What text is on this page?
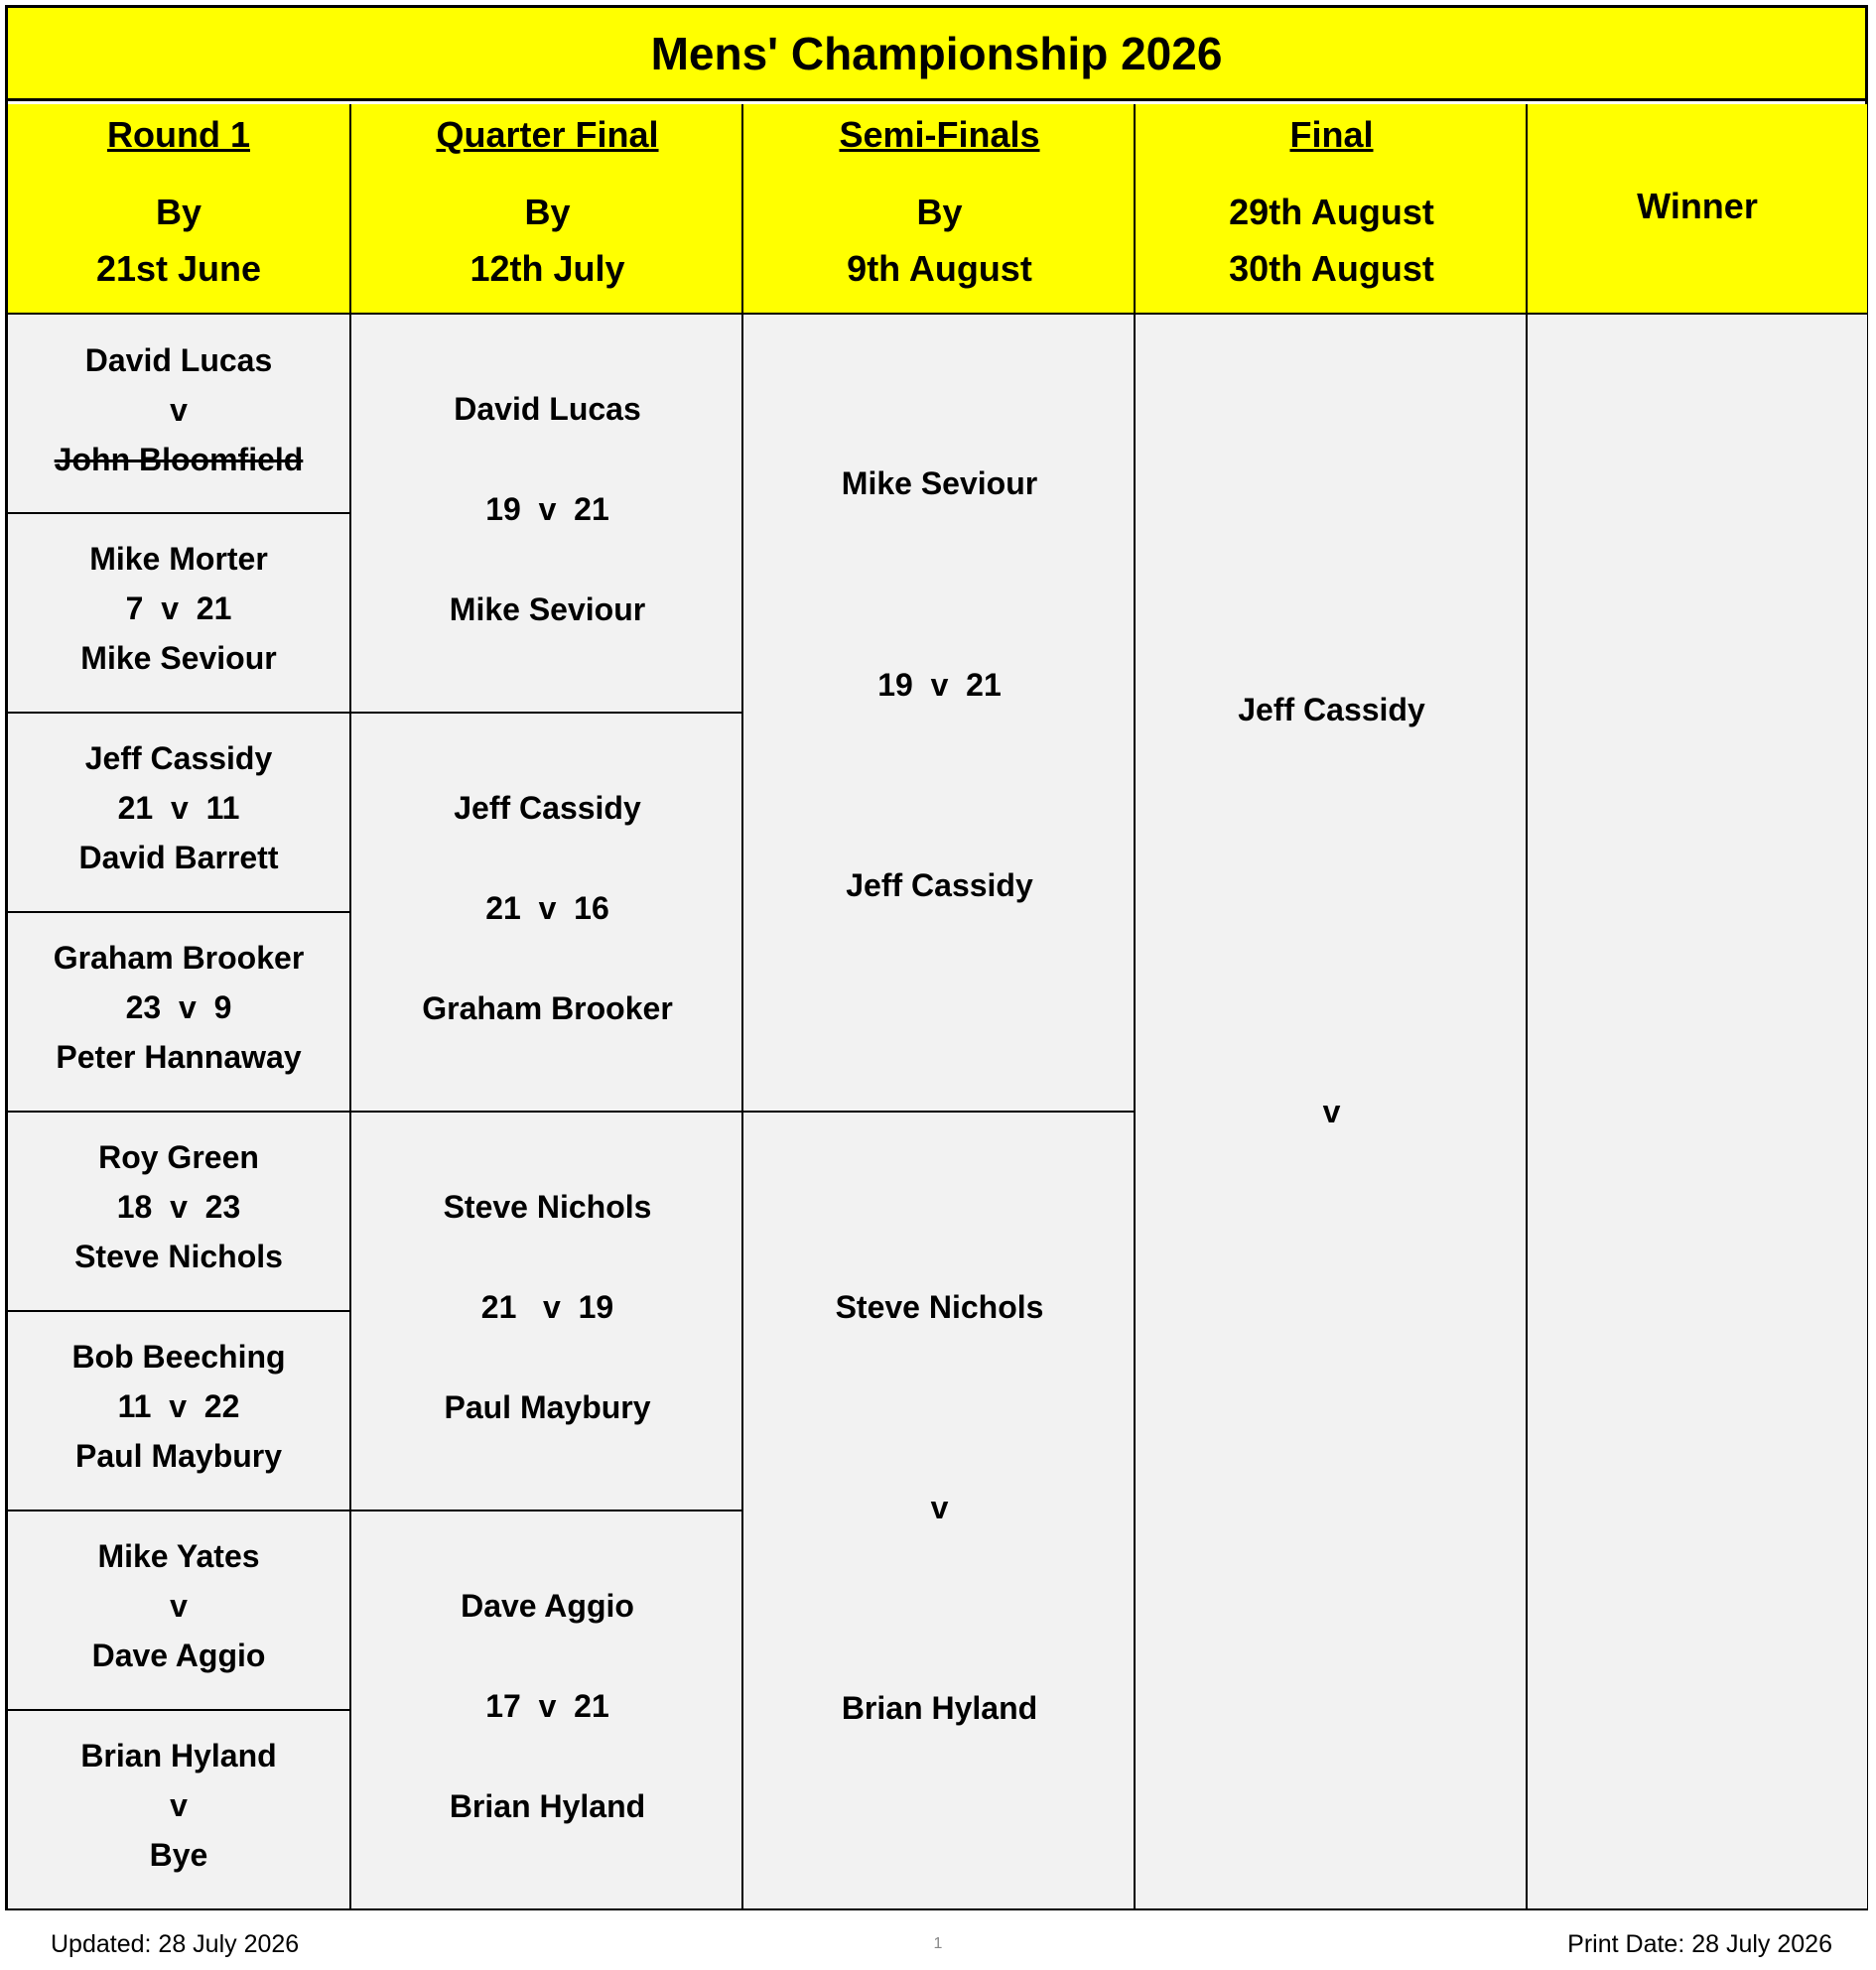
Mens' Championship 2026
Round 1
By
21st June
David Lucas
v
John Bloomfield
Mike Morter
7  v  21
Mike Seviour
Jeff Cassidy
21  v  11
David Barrett
Graham Brooker
23  v  9
Peter Hannaway
Roy Green
18  v  23
Steve Nichols
Bob Beeching
11  v  22
Paul Maybury
Mike Yates
v
Dave Aggio
Brian Hyland
v
Bye
Quarter Final
By
12th July
David Lucas
19  v  21
Mike Seviour
Jeff Cassidy
21  v  16
Graham Brooker
Steve Nichols
21   v  19
Paul Maybury
Dave Aggio
17  v  21
Brian Hyland
Semi-Finals
By
9th August
Mike Seviour
19  v  21
Jeff Cassidy
Steve Nichols
v
Brian Hyland
Final
29th August
30th August
Jeff Cassidy
v
Winner
Updated: 28 July 2026	1	Print Date: 28 July 2026
